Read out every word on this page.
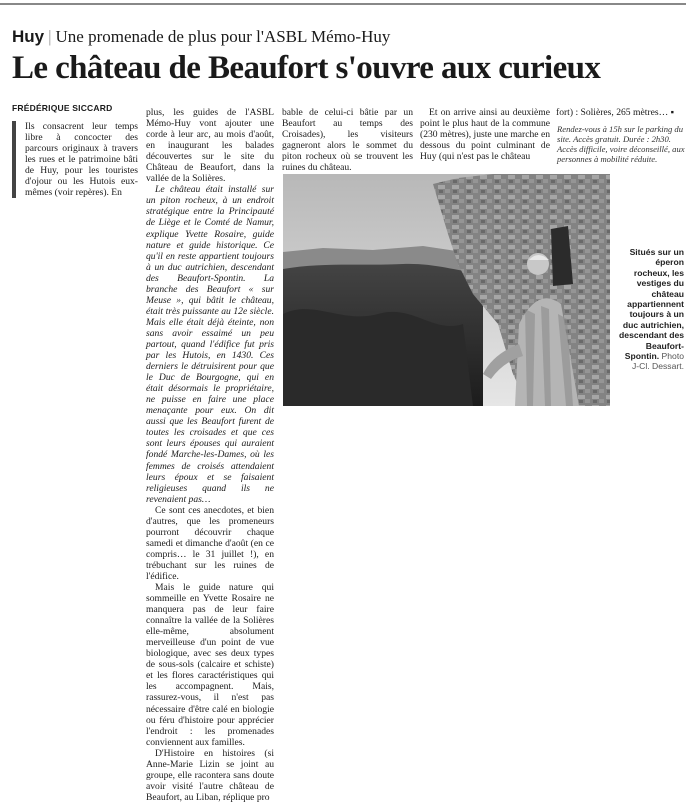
Huy | Une promenade de plus pour l'ASBL Mémo-Huy
Le château de Beaufort s'ouvre aux curieux
FRÉDÉRIQUE SICCARD

Ils consacrent leur temps libre à concocter des parcours originaux à travers les rues et le patrimoine bâti de Huy, pour les touristes d'ojour ou les Hutois eux-mêmes (voir repères). En

plus, les guides de l'ASBL Mémo-Huy vont ajouter une corde à leur arc, au mois d'août, en inaugurant les balades découvertes sur le site du Château de Beaufort, dans la vallée de la Solières.

Le château était installé sur un piton rocheux, à un endroit stratégique entre la Principauté de Liège et le Comté de Namur, explique Yvette Rosaire, guide nature et guide historique. Ce qu'il en reste appartient toujours à un duc autrichien, descendant des Beaufort-Spontin. La branche des Beaufort « sur Meuse », qui bâtit le château, était très puissante au 12e siècle. Mais elle était déjà éteinte, non sans avoir essaimé un peu partout, quand l'édifice fut pris par les Hutois, en 1430. Ces derniers le détruisirent pour que le Duc de Bourgogne, qui en était désormais le propriétaire, ne puisse en faire une place menaçante pour eux. On dit aussi que les Beaufort furent de toutes les croisades et que ces sont leurs épouses qui auraient fondé Marche-les-Dames, où les femmes de croisés attendaient leurs époux et se faisaient religieuses quand ils ne revenaient pas…

Ce sont ces anecdotes, et bien d'autres, que les promeneurs pourront découvrir chaque samedi et dimanche d'août (en ce compris… le 31 juillet !), en trébuchant sur les ruines de l'édifice.

Mais le guide nature qui sommeille en Yvette Rosaire ne manquera pas de leur faire connaître la vallée de la Solières elle-même, absolument merveilleuse d'un point de vue biologique, avec ses deux types de sous-sols (calcaire et schiste) et les flores caractéristiques qui les accompagnent. Mais, rassurez-vous, il n'est pas nécessaire d'être calé en biologie ou féru d'histoire pour apprécier l'endroit : les promenades conviennent aux familles.

D'Histoire en histoires (si Anne-Marie Lizin se joint au groupe, elle racontera sans doute avoir visité l'autre château de Beaufort, au Liban, réplique pro

bable de celui-ci bâtie par un Beaufort au temps des Croisades), les visiteurs gagneront alors le sommet du piton rocheux où se trouvent les ruines du château.

Et on arrive ainsi au deuxième point le plus haut de la commune (230 mètres), juste une marche en dessous du point culminant de Huy (qui n'est pas le château

fort) : Solières, 265 mètres… ▪

Rendez-vous à 15h sur le parking du site. Accès gratuit. Durée : 2h30. Accès difficile, voire déconseillé, aux personnes à mobilité réduite.
Situés sur un éperon rocheux, les vestiges du château appartiennent toujours à un duc autrichien, descendant des Beaufort-Spontin. Photo J-Cl. Dessart.
